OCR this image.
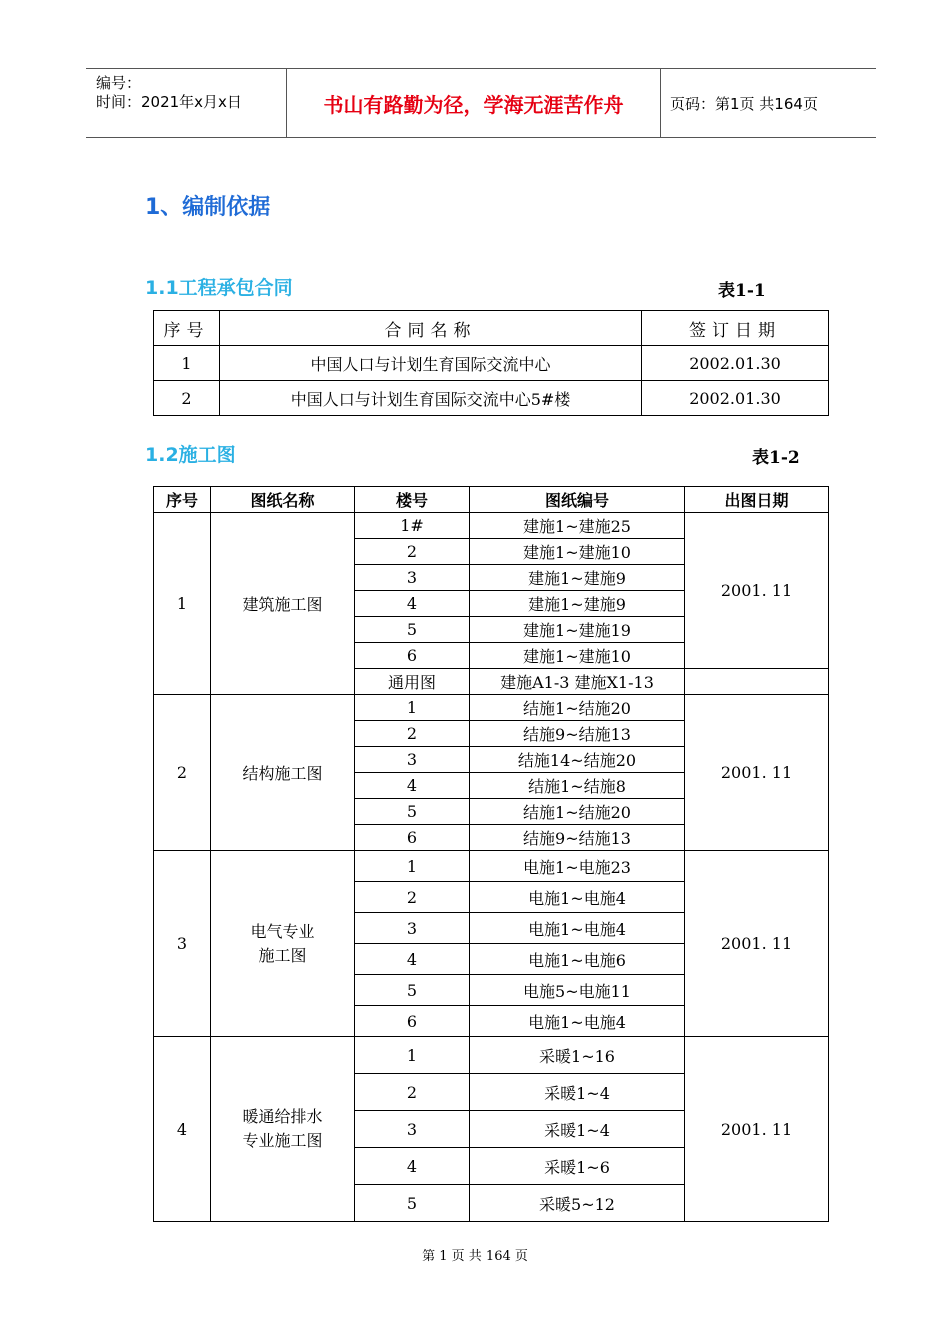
编号：
时间：2021年x月x日	书山有路勤为径，学海无涯苦作舟	页码：第1页 共164页
1、编制依据
1.1工程承包合同	表1-1
序号	合同名称	签订日期
1	中国人口与计划生育国际交流中心	2002.01.30
2	中国人口与计划生育国际交流中心5#楼	2002.01.30
1.2施工图	表1-2
序号	图纸名称	楼号	图纸编号	出图日期
1	建筑施工图	1#	建施1~建施25	2001. 11
		2	建施1~建施10	
		3	建施1~建施9	
		4	建施1~建施9	
		5	建施1~建施19	
		6	建施1~建施10	
		通用图	建施A1-3 建施X1-13	
2	结构施工图	1	结施1~结施20	2001. 11
		2	结施9~结施13	
		3	结施14~结施20	
		4	结施1~结施8	
		5	结施1~结施20	
		6	结施9~结施13	
3	电气专业
施工图	1	电施1~电施23	2001. 11
		2	电施1~电施4	
		3	电施1~电施4	
		4	电施1~电施6	
		5	电施5~电施11	
		6	电施1~电施4	
4	暖通给排水
专业施工图	1	采暖1~16	2001. 11
		2	采暖1~4	
		3	采暖1~4	
		4	采暖1~6	
		5	采暖5~12	
第 1 页 共 164 页
